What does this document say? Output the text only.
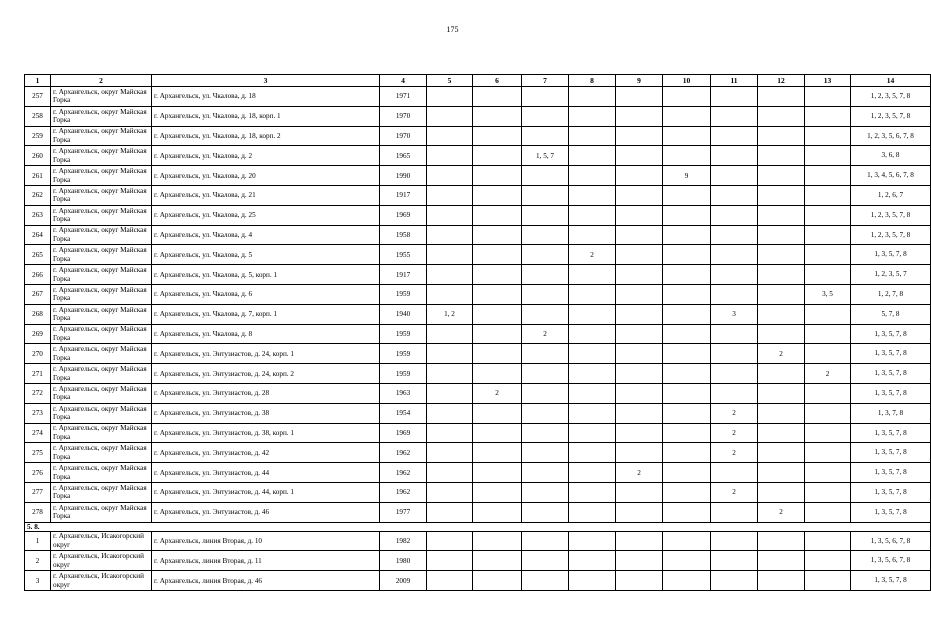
175
1	2	3	4	5	6	7	8	9	10	11	12	13	14
257	г. Архангельск, округ Майская Горка	г. Архангельск, ул. Чкалова, д. 18	1971										1, 2, 3, 5, 7, 8
258	г. Архангельск, округ Майская Горка	г. Архангельск, ул. Чкалова, д. 18, корп. 1	1970										1, 2, 3, 5, 7, 8
259	г. Архангельск, округ Майская Горка	г. Архангельск, ул. Чкалова, д. 18, корп. 2	1970										1, 2, 3, 5, 6, 7, 8
260	г. Архангельск, округ Майская Горка	г. Архангельск, ул. Чкалова, д. 2	1965			1, 5, 7							3, 6, 8
261	г. Архангельск, округ Майская Горка	г. Архангельск, ул. Чкалова, д. 20	1990						9				1, 3, 4, 5, 6, 7, 8
262	г. Архангельск, округ Майская Горка	г. Архангельск, ул. Чкалова, д. 21	1917										1, 2, 6, 7
263	г. Архангельск, округ Майская Горка	г. Архангельск, ул. Чкалова, д. 25	1969										1, 2, 3, 5, 7, 8
264	г. Архангельск, округ Майская Горка	г. Архангельск, ул. Чкалова, д. 4	1958										1, 2, 3, 5, 7, 8
265	г. Архангельск, округ Майская Горка	г. Архангельск, ул. Чкалова, д. 5	1955				2						1, 3, 5, 7, 8
266	г. Архангельск, округ Майская Горка	г. Архангельск, ул. Чкалова, д. 5, корп. 1	1917										1, 2, 3, 5, 7
267	г. Архангельск, округ Майская Горка	г. Архангельск, ул. Чкалова, д. 6	1959									3, 5	1, 2, 7, 8
268	г. Архангельск, округ Майская Горка	г. Архангельск, ул. Чкалова, д. 7, корп. 1	1940	1, 2						3			5, 7, 8
269	г. Архангельск, округ Майская Горка	г. Архангельск, ул. Чкалова, д. 8	1959			2							1, 3, 5, 7, 8
270	г. Архангельск, округ Майская Горка	г. Архангельск, ул. Энтузиастов, д. 24, корп. 1	1959								2		1, 3, 5, 7, 8
271	г. Архангельск, округ Майская Горка	г. Архангельск, ул. Энтузиастов, д. 24, корп. 2	1959									2	1, 3, 5, 7, 8
272	г. Архангельск, округ Майская Горка	г. Архангельск, ул. Энтузиастов, д. 28	1963		2								1, 3, 5, 7, 8
273	г. Архангельск, округ Майская Горка	г. Архангельск, ул. Энтузиастов, д. 38	1954							2			1, 3, 7, 8
274	г. Архангельск, округ Майская Горка	г. Архангельск, ул. Энтузиастов, д. 38, корп. 1	1969							2			1, 3, 5, 7, 8
275	г. Архангельск, округ Майская Горка	г. Архангельск, ул. Энтузиастов, д. 42	1962							2			1, 3, 5, 7, 8
276	г. Архангельск, округ Майская Горка	г. Архангельск, ул. Энтузиастов, д. 44	1962					2					1, 3, 5, 7, 8
277	г. Архангельск, округ Майская Горка	г. Архангельск, ул. Энтузиастов, д. 44, корп. 1	1962							2			1, 3, 5, 7, 8
278	г. Архангельск, округ Майская Горка	г. Архангельск, ул. Энтузиастов, д. 46	1977								2		1, 3, 5, 7, 8
5. 8.													
1	г. Архангельск, Исакогорский округ	г. Архангельск, линия Вторая, д. 10	1982										1, 3, 5, 6, 7, 8
2	г. Архангельск, Исакогорский округ	г. Архангельск, линия Вторая, д. 11	1980										1, 3, 5, 6, 7, 8
3	г. Архангельск, Исакогорский округ	г. Архангельск, линия Вторая, д. 46	2009										1, 3, 5, 7, 8
